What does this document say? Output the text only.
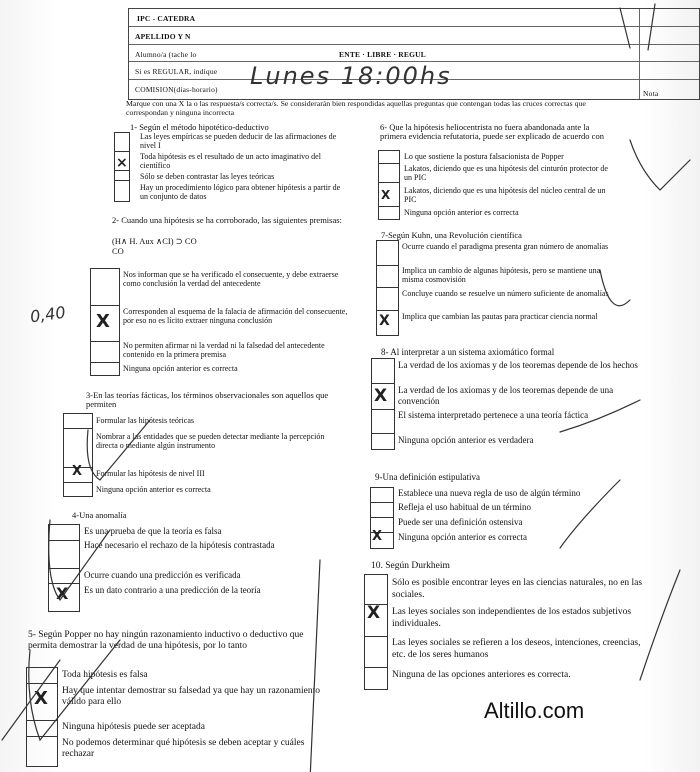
IPC - CATEDRA
APELLIDO Y N
Alumno/a (tache lo	ENTE · LIBRE · REGUL
Si es REGULAR, indique
COMISION(días-horario)	Nota
Lunes 18:00hs
Marque con una X la o las respuesta/s correcta/s. Se considerarán bien respondidas aquellas preguntas que contengan todas las cruces correctas que correspondan y ninguna incorrecta
1- Según el método hipotético-deductivo
Las leyes empíricas se pueden deducir de las afirmaciones de nivel I
Toda hipótesis es el resultado de un acto imaginativo del científico
Sólo se deben contrastar las leyes teóricas
Hay un procedimiento lógico para obtener hipótesis a partir de un conjunto de datos
×
2- Cuando una hipótesis se ha corroborado, las siguientes premisas:
(H∧ H. Aux ∧CI) ⊃ CO
CO
Nos informan que se ha verificado el consecuente, y debe extraerse como conclusión la verdad del antecedente
Corresponden al esquema de la falacia de afirmación del consecuente, por eso no es lícito extraer ninguna conclusión
No permiten afirmar ni la verdad ni la falsedad del antecedente contenido en la primera premisa
Ninguna opción anterior es correcta
X
0,40
3-En las teorías fácticas, los términos observacionales son aquellos que permiten
Formular las hipótesis teóricas
Nombrar a las entidades que se pueden detectar mediante la percepción directa o mediante algún instrumento
Formular las hipótesis de nivel III
Ninguna opción anterior es correcta
X
4-Una anomalía
Es una prueba de que la teoría es falsa
Hace necesario el rechazo de la hipótesis contrastada
Ocurre cuando una predicción es verificada
Es un dato contrario a una predicción de la teoría
X
5- Según Popper no hay ningún razonamiento inductivo o deductivo que permita demostrar la verdad de una hipótesis, por lo tanto
Toda hipótesis es falsa
Hay que intentar demostrar su falsedad ya que hay un razonamiento válido para ello
Ninguna hipótesis puede ser aceptada
No podemos determinar qué hipótesis se deben aceptar y cuáles rechazar
X
6- Que la hipótesis heliocentrista no fuera abandonada ante la primera evidencia refutatoria, puede ser explicado de acuerdo con
Lo que sostiene la postura falsacionista de Popper
Lakatos, diciendo que es una hipótesis del cinturón protector de un PIC
Lakatos, diciendo que es una hipótesis del núcleo central de un PIC
Ninguna opción anterior es correcta
X
7-Según Kuhn, una Revolución científica
Ocurre cuando el paradigma presenta gran número de anomalías
Implica un cambio de algunas hipótesis, pero se mantiene una misma cosmovisión
Concluye cuando se resuelve un número suficiente de anomalías
Implica que cambian las pautas para practicar ciencia normal
X
8- Al interpretar a un sistema axiomático formal
La verdad de los axiomas y de los teoremas depende de los hechos
La verdad de los axiomas y de los teoremas depende de una convención
El sistema interpretado pertenece a una teoría fáctica
Ninguna opción anterior es verdadera
X
9-Una definición estipulativa
Establece una nueva regla de uso de algún término
Refleja el uso habitual de un término
Puede ser una definición ostensiva
Ninguna opción anterior es correcta
X
10. Según Durkheim
Sólo es posible encontrar leyes en las ciencias naturales, no en las sociales.
Las leyes sociales son independientes de los estados subjetivos individuales.
Las leyes sociales se refieren a los deseos, intenciones, creencias, etc. de los seres humanos
Ninguna de las opciones anteriores es correcta.
X
Altillo.com
